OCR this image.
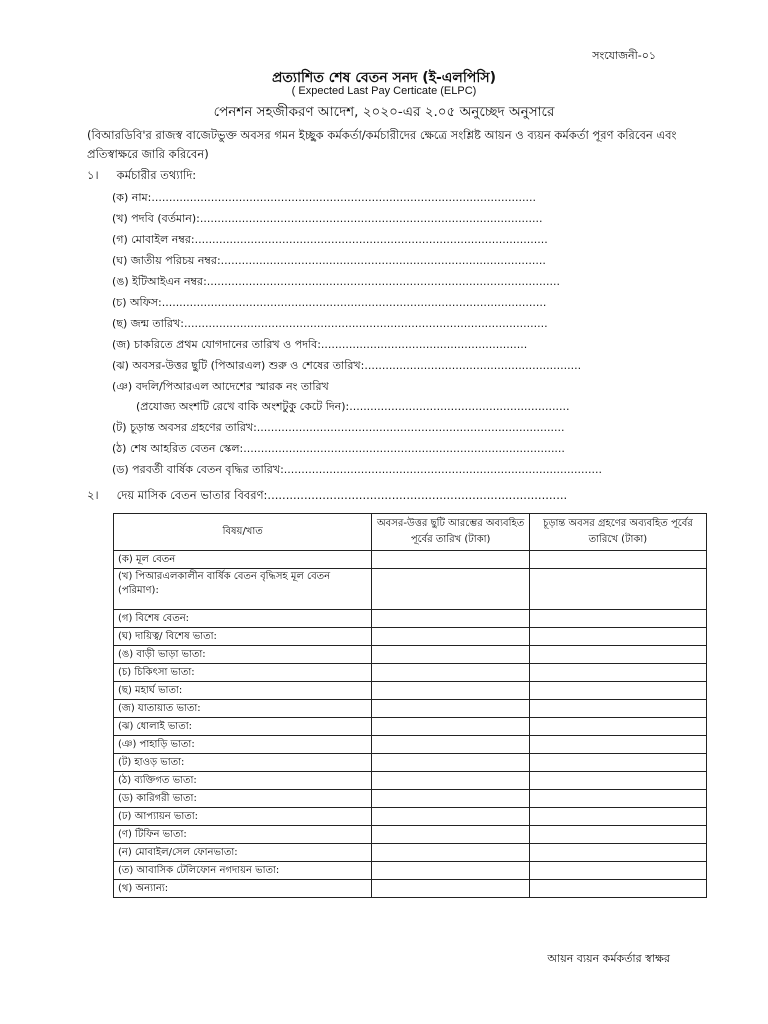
সংযোজনী-০১
প্রত্যাশিত শেষ বেতন সনদ (ই-এলপিসি)
( Expected Last Pay Certicate (ELPC)
পেনশন সহজীকরণ আদেশ, ২০২০-এর ২.০৫ অনুচ্ছেদ অনুসারে
(বিআরডিবি'র রাজস্ব বাজেটভুক্ত অবসর গমন ইচ্ছুক কর্মকর্তা/কর্মচারীদের ক্ষেত্রে সংশ্লিষ্ট আয়ন ও ব্যয়ন কর্মকর্তা পূরণ করিবেন এবং প্রতিস্বাক্ষরে জারি করিবেন)
১। কর্মচারীর তথ্যাদি:
(ক) নাম:..............................................................................................................
(খ) পদবি (বর্তমান):..................................................................................................
(গ) মোবাইল নম্বর:.....................................................................................................
(ঘ) জাতীয় পরিচয় নম্বর:.............................................................................................
(ঙ) ইটিআইএন নম্বর:.....................................................................................................
(চ) অফিস:..............................................................................................................
(ছ) জন্ম তারিখ:........................................................................................................
(জ) চাকরিতে প্রথম যোগদানের তারিখ ও পদবি:...........................................................
(ঝ) অবসর-উত্তর ছুটি (পিআরএল) শুরু ও শেষের তারিখ:..............................................................
(ঞ) বদলি/পিআরএল আদেশের স্মারক নং তারিখ
(প্রযোজ্য অংশটি রেখে বাকি অংশটুকু কেটে দিন):...............................................................
(ট) চূড়ান্ত অবসর গ্রহণের তারিখ:........................................................................................
(ঠ) শেষ আহরিত বেতন স্কেল:............................................................................................
(ড) পরবর্তী বার্ষিক বেতন বৃদ্ধির তারিখ:...........................................................................................
২। দেয় মাসিক বেতন ভাতার বিবরণ:..................................................................................
বিষয়/খাত	অবসর-উত্তর ছুটি আরম্ভের অব্যবহিত পূর্বের তারিখ (টাকা)	চূড়ান্ত অবসর গ্রহণের অব্যবহিত পূর্বের তারিখে (টাকা)
(ক) মূল বেতন		
(খ) পিআরএলকালীন বার্ষিক বেতন বৃদ্ধিসহ মূল বেতন (পরিমাণ):		
(গ) বিশেষ বেতন:		
(ঘ) দায়িত্ব/ বিশেষ ভাতা:		
(ঙ) বাড়ী ভাড়া ভাতা:		
(চ) চিকিৎসা ভাতা:		
(ছ) মহার্ঘ ভাতা:		
(জ) যাতায়াত ভাতা:		
(ঝ) ধোলাই ভাতা:		
(ঞ) পাহাড়ি ভাতা:		
(ট) হাওড় ভাতা:		
(ঠ) ব্যক্তিগত ভাতা:		
(ড) কারিগরী ভাতা:		
(ঢ) আপ্যায়ন ভাতা:		
(ণ) টিফিন ভাতা:		
(ন) মোবাইল/সেল ফোনভাতা:		
(ত) আবাসিক টেলিফোন নগদায়ন ভাতা:		
(থ) অন্যান্য:		
আয়ন ব্যয়ন কর্মকর্তার স্বাক্ষর
